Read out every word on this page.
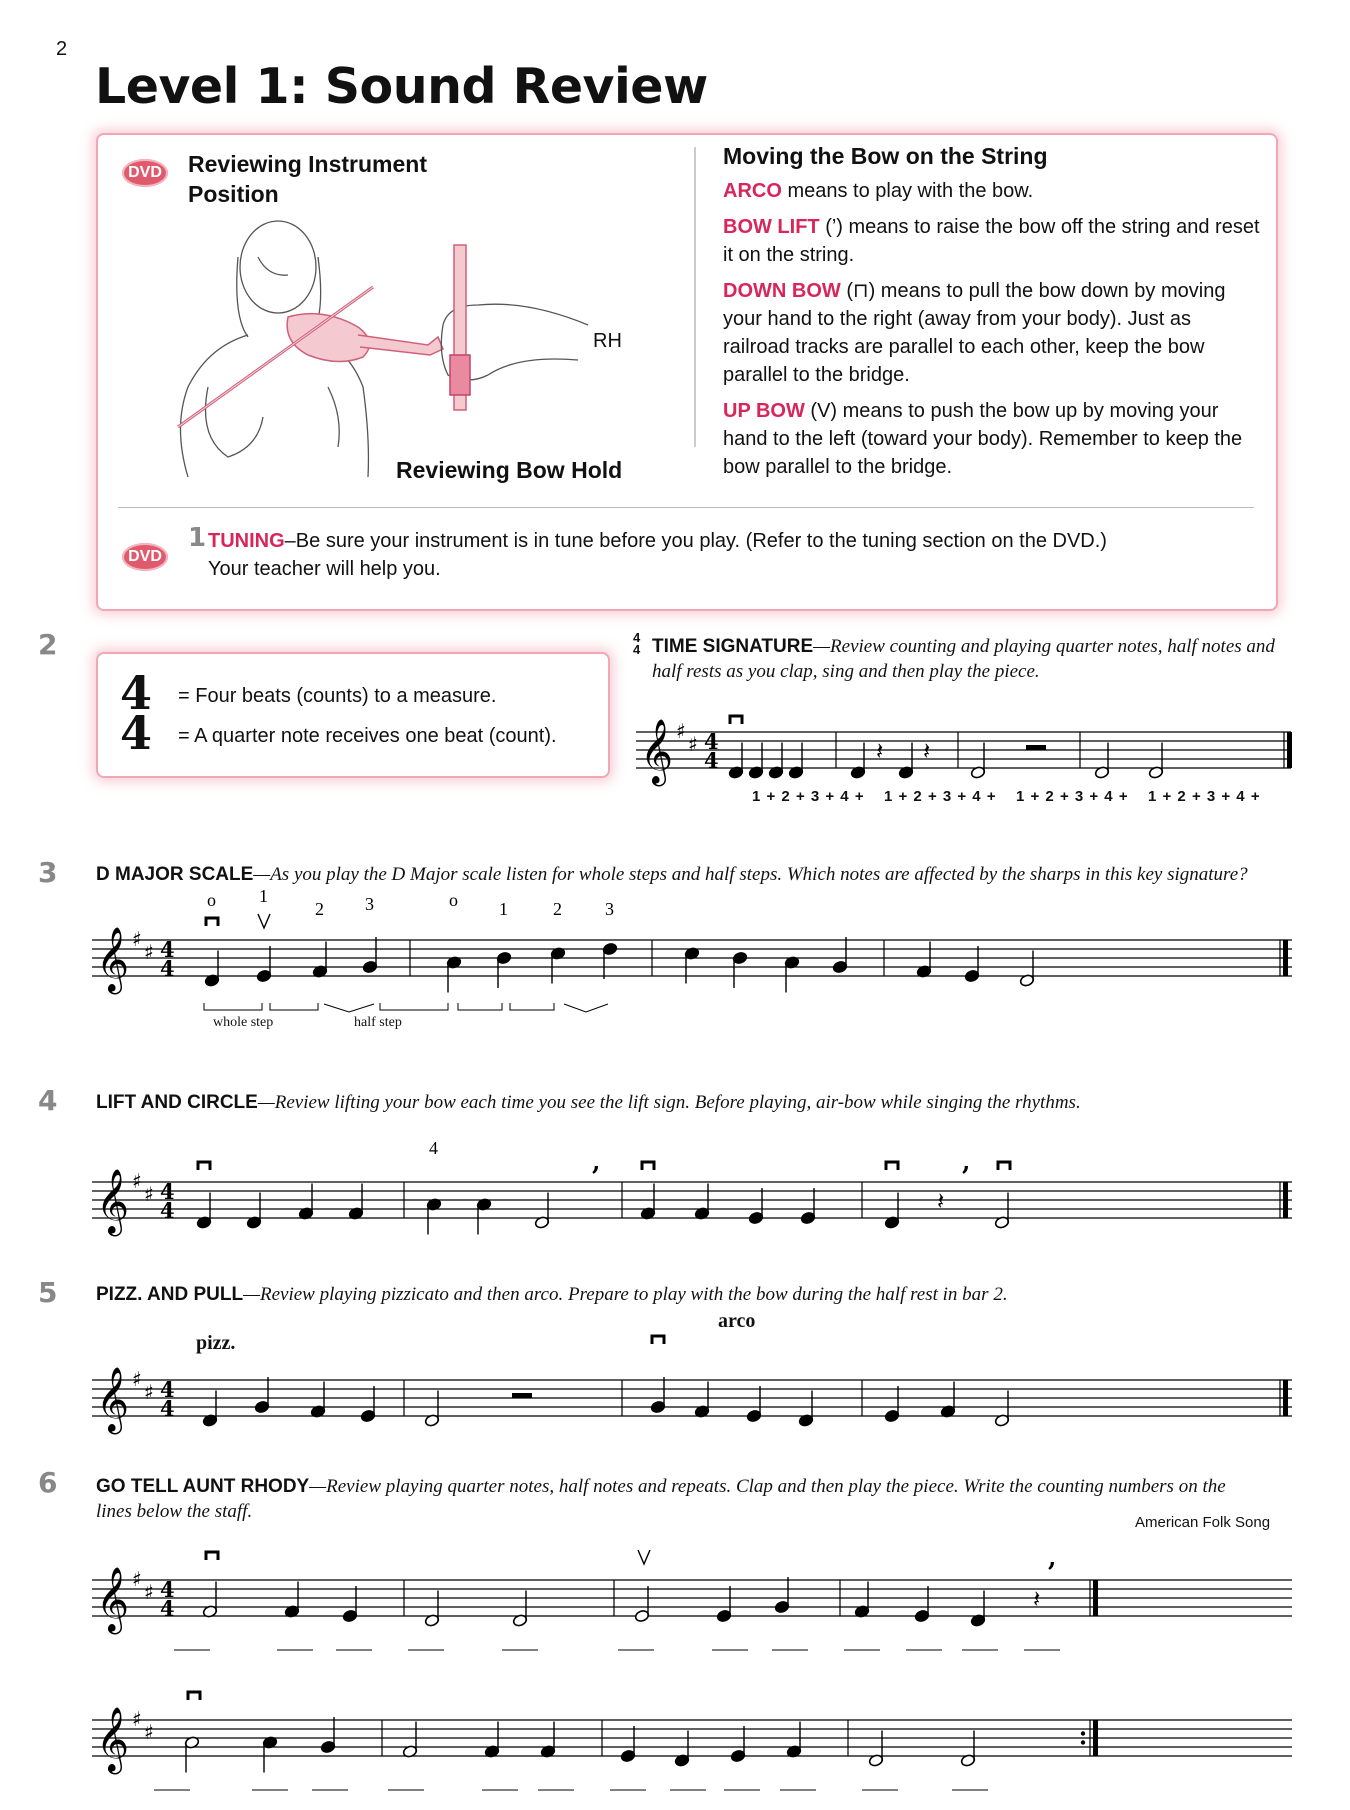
2
Level 1: Sound Review
DVD Reviewing Instrument Position
RH
Reviewing Bow Hold
Moving the Bow on the String

ARCO means to play with the bow.

BOW LIFT (’) means to raise the bow off the string and reset it on the string.

DOWN BOW (⊓) means to pull the bow down by moving your hand to the right (away from your body). Just as railroad tracks are parallel to each other, keep the bow parallel to the bridge.

UP BOW (V) means to push the bow up by moving your hand to the left (toward your body). Remember to keep the bow parallel to the bridge.

DVD
1 TUNING–Be sure your instrument is in tune before you play. (Refer to the tuning section on the DVD.) Your teacher will help you.
2
4
4
= Four beats (counts) to a measure.
= A quarter note receives one beat (count).
4
4 TIME SIGNATURE—Review counting and playing quarter notes, half notes and half rests as you clap, sing and then play the piece.
𝄞 ♯
♯ 4
4	𝄽 𝄽
1 + 2 + 3 + 4 + 1 + 2 + 3 + 4 + 1 + 2 + 3 + 4 + 1 + 2 + 3 + 4 +
3 D MAJOR SCALE—As you play the D Major scale listen for whole steps and half steps. Which notes are affected by the sharps in this key signature?
𝄞 ♯
♯ 4
4
o 1
2 3	o 1	2 3
whole step	half step
4 LIFT AND CIRCLE—Review lifting your bow each time you see the lift sign. Before playing, air-bow while singing the rhythms.
𝄞 ♯
♯ 4
4
,
𝄽
,
4
5 PIZZ. AND PULL—Review playing pizzicato and then arco. Prepare to play with the bow during the half rest in bar 2.
pizz.
arco
𝄞 ♯
♯ 4
4
6 GO TELL AUNT RHODY—Review playing quarter notes, half notes and repeats. Clap and then play the piece. Write the counting numbers on the lines below the staff.
American Folk Song
𝄞 ♯
♯ 4
4	𝄽
,
𝄞 ♯
♯
